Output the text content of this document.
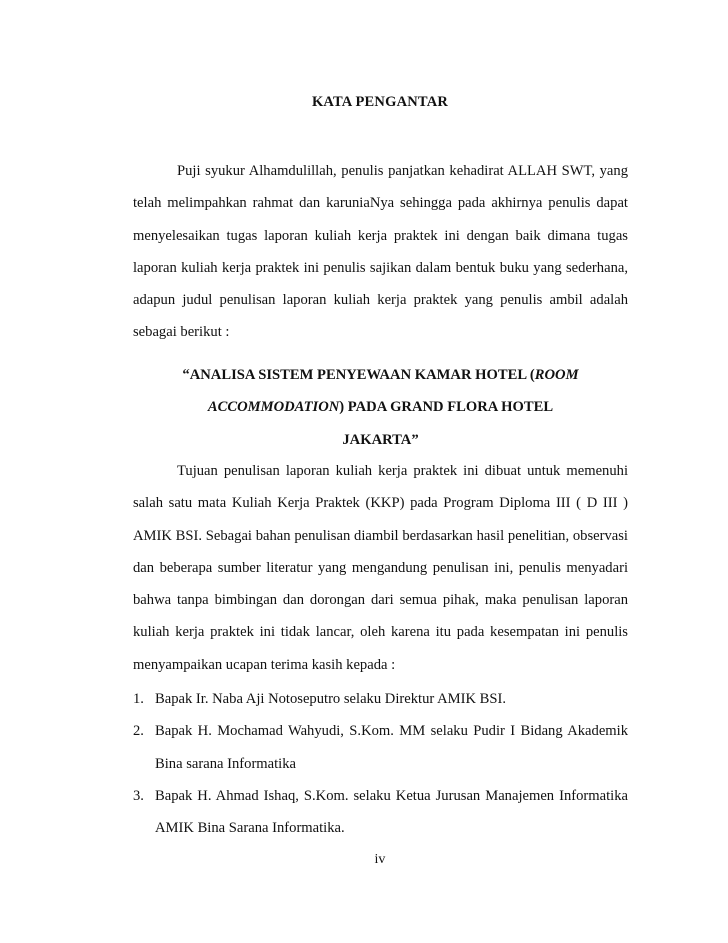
KATA PENGANTAR
Puji syukur Alhamdulillah, penulis panjatkan kehadirat ALLAH SWT, yang telah melimpahkan rahmat dan karuniaNya sehingga pada akhirnya penulis dapat menyelesaikan tugas laporan kuliah kerja praktek ini dengan baik dimana tugas laporan kuliah kerja praktek ini penulis sajikan dalam bentuk buku yang sederhana, adapun judul penulisan laporan kuliah kerja praktek yang penulis ambil adalah sebagai berikut :
“ANALISA SISTEM PENYEWAAN KAMAR HOTEL (ROOM
ACCOMMODATION) PADA GRAND FLORA HOTEL
JAKARTA”
Tujuan penulisan laporan kuliah kerja praktek ini dibuat untuk memenuhi salah satu mata Kuliah Kerja Praktek (KKP) pada Program Diploma III ( D III ) AMIK BSI. Sebagai bahan penulisan diambil berdasarkan hasil penelitian, observasi dan beberapa sumber literatur yang mengandung penulisan ini, penulis menyadari bahwa tanpa bimbingan dan dorongan dari semua pihak, maka penulisan laporan kuliah kerja praktek ini tidak lancar, oleh karena itu pada kesempatan ini penulis menyampaikan ucapan terima kasih kepada :
1. Bapak Ir. Naba Aji Notoseputro selaku Direktur AMIK BSI.
2. Bapak H. Mochamad Wahyudi, S.Kom. MM selaku Pudir I Bidang Akademik Bina sarana Informatika
3. Bapak H. Ahmad Ishaq, S.Kom. selaku Ketua Jurusan Manajemen Informatika AMIK Bina Sarana Informatika.
iv
